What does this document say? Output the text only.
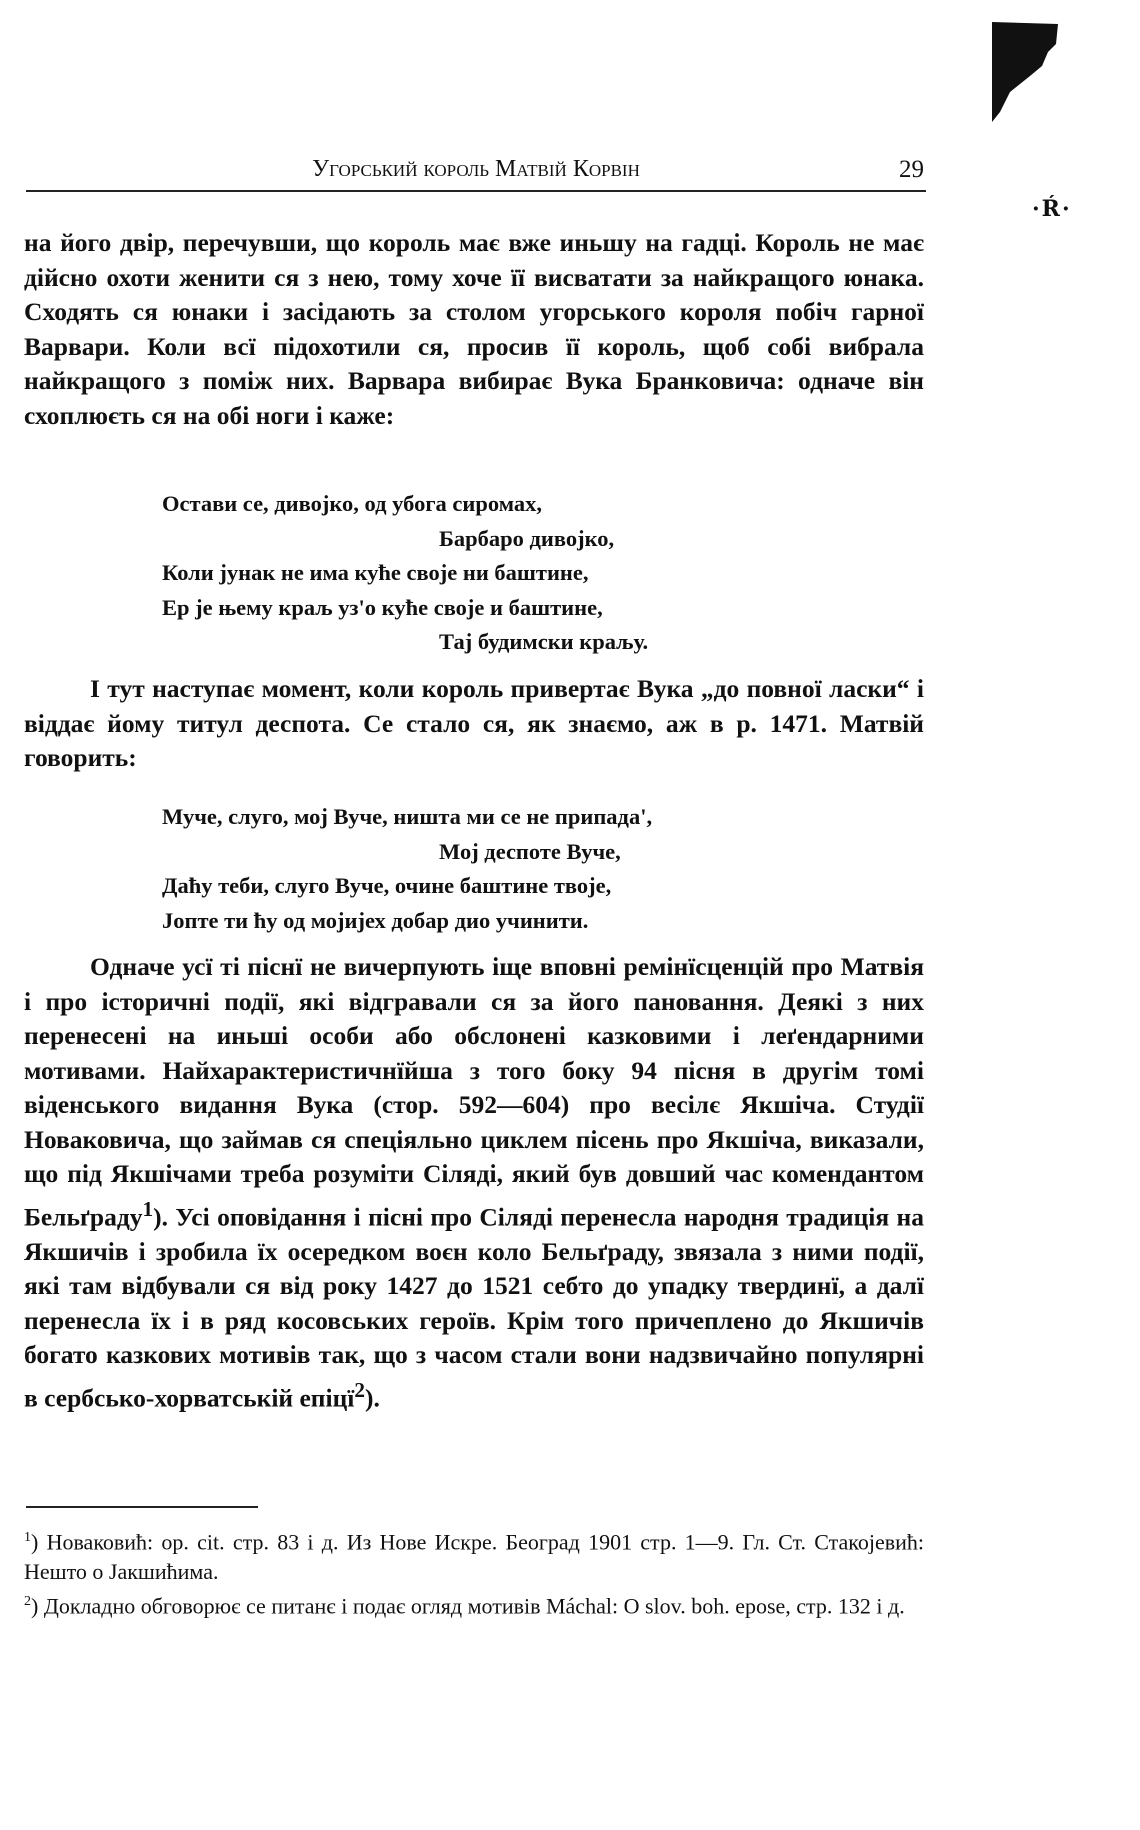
·Ŕ·
Угорський король Матвій Корвін	29

на його двір, перечувши, що король має вже иньшу на гадці. Король не має дійсно охоти женити ся з нею, тому хоче її висватати за найкращого юнака. Сходять ся юнаки і засідають за столом угорського короля побіч гарної Варвари. Коли всї підохотили ся, просив її король, щоб собі вибрала найкращого з поміж них. Варвара вибирає Вука Бранковича: одначе він схоплюєть ся на обі ноги і каже:

Остави се, дивојко, од убога сиромах,
Барбаро дивојко,
Коли јунак не има куће своје ни баштине,
Ер је њему краљ уз'о куће своје и баштине,
Тај будимски краљу.

І тут наступає момент, коли король привертає Вука „до повної ласки“ і віддає йому титул деспота. Се стало ся, як знаємо, аж в р. 1471. Матвій говорить:

Муче, слуго, мој Вуче, ништа ми се не припада',
Мој деспоте Вуче,
Даћу теби, слуго Вуче, очине баштине твоје,
Јопте ти ћу од мојијех добар дио учинити.

Одначе усї ті піснї не вичерпують іще вповні ремінїсценцій про Матвія і про історичні події, які відгравали ся за його пановання. Деякі з них перенесені на иньші особи або обслонені казковими і леґендарними мотивами. Найхарактеристичнїйша з того боку 94 пісня в другім томі віденського видання Вука (стор. 592—604) про весілє Якшіча. Студії Новаковича, що займав ся спеціяльно циклем пісень про Якшіча, виказали, що під Якшічами треба розуміти Сіляді, який був довший час комендантом Бельґраду$^1$). Усі оповідання і пісні про Сіляді перенесла народня традиція на Якшичів і зробила їх осередком воєн коло Бельґраду, звязала з ними події, які там відбували ся від року 1427 до 1521 себто до упадку твердинї, а далї перенесла їх і в ряд косовських героїв. Крім того причеплено до Якшичів богато казкових мотивів так, що з часом стали вони надзвичайно популярні в сербсько-хорватській епіцї$^2$).

$^1$) Новаковић: op. cit. стр. 83 і д. Из Нове Искре. Београд 1901 стр. 1—9. Гл. Ст. Стакојевић: Нешто о Јакшићима.
$^2$) Докладно обговорює се питанє і подає огляд мотивів Máchal: O slov. boh. epose, стр. 132 і д.
